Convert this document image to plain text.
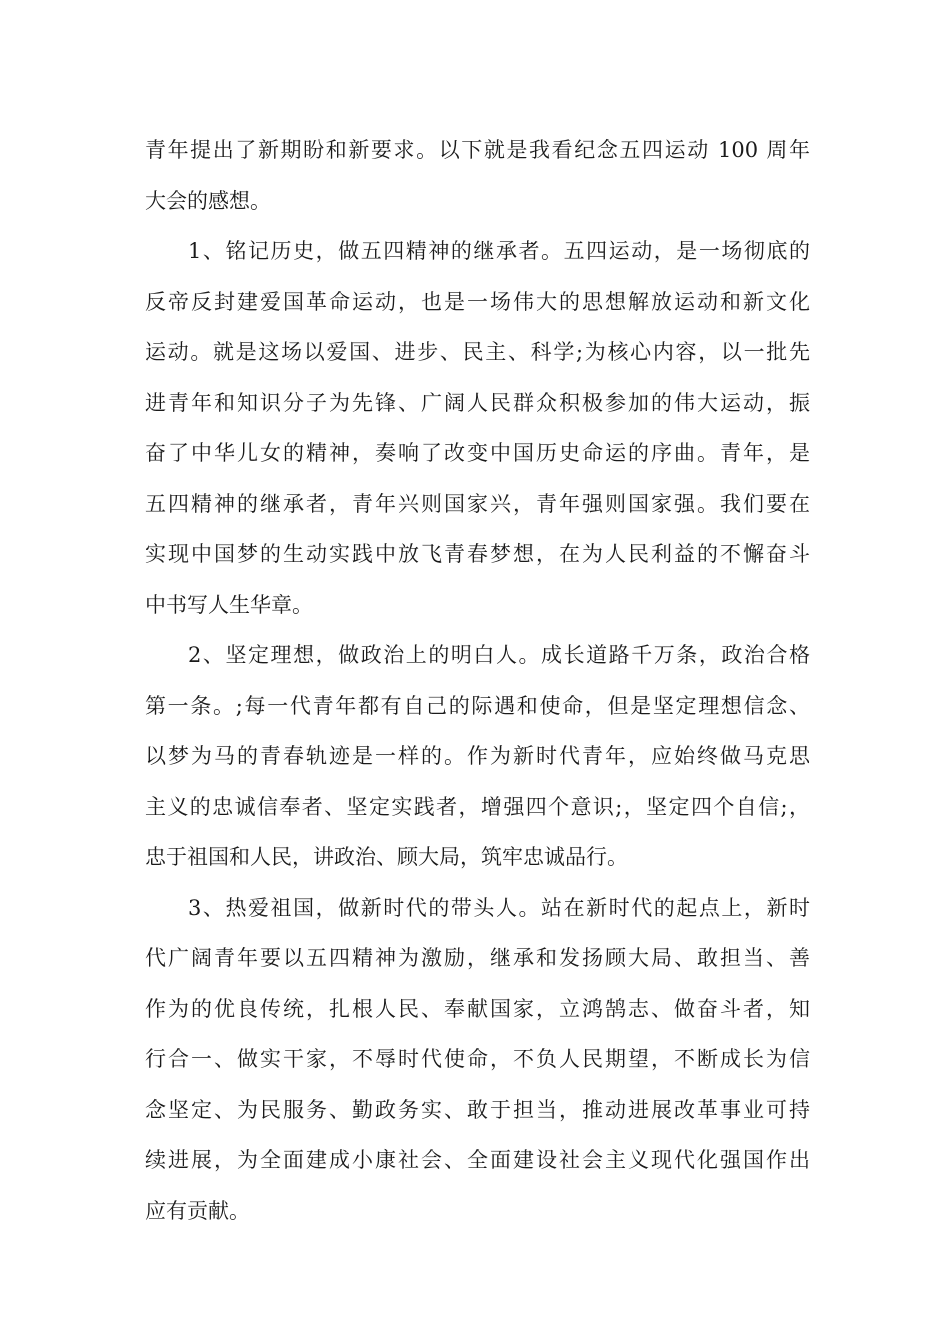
青年提出了新期盼和新要求。以下就是我看纪念五四运动 100 周年
大会的感想。
1、铭记历史，做五四精神的继承者。五四运动，是一场彻底的
反帝反封建爱国革命运动，也是一场伟大的思想解放运动和新文化
运动。就是这场以爱国、进步、民主、科学;为核心内容，以一批先
进青年和知识分子为先锋、广阔人民群众积极参加的伟大运动，振
奋了中华儿女的精神，奏响了改变中国历史命运的序曲。青年，是
五四精神的继承者，青年兴则国家兴，青年强则国家强。我们要在
实现中国梦的生动实践中放飞青春梦想，在为人民利益的不懈奋斗
中书写人生华章。
2、坚定理想，做政治上的明白人。成长道路千万条，政治合格
第一条。;每一代青年都有自己的际遇和使命，但是坚定理想信念、
以梦为马的青春轨迹是一样的。作为新时代青年，应始终做马克思
主义的忠诚信奉者、坚定实践者，增强四个意识;，坚定四个自信;，
忠于祖国和人民，讲政治、顾大局，筑牢忠诚品行。
3、热爱祖国，做新时代的带头人。站在新时代的起点上，新时
代广阔青年要以五四精神为激励，继承和发扬顾大局、敢担当、善
作为的优良传统，扎根人民、奉献国家，立鸿鹄志、做奋斗者，知
行合一、做实干家，不辱时代使命，不负人民期望，不断成长为信
念坚定、为民服务、勤政务实、敢于担当，推动进展改革事业可持
续进展，为全面建成小康社会、全面建设社会主义现代化强国作出
应有贡献。
